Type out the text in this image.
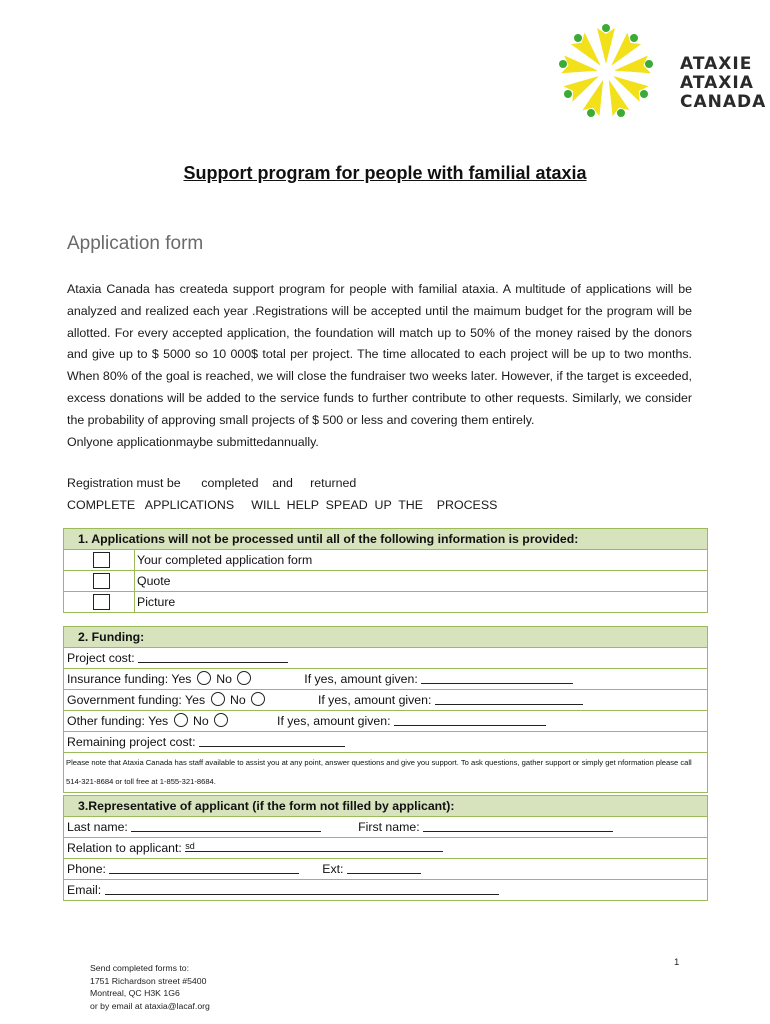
ATAXIE
ATAXIA
CANADA
Support program for people with familial ataxia
Application form

Ataxia Canada has createda support program for people with familial ataxia. A multitude of applications will be analyzed and realized each year .Registrations will be accepted until the maimum budget for the program will be allotted. For every accepted application, the foundation will match up to 50% of the money raised by the donors and give up to $ 5000 so 10 000$ total per project. The time allocated to each project will be up to two months. When 80% of the goal is reached, we will close the fundraiser two weeks later. However, if the target is exceeded, excess donations will be added to the service funds to further contribute to other requests. Similarly, we consider the probability of approving small projects of $ 500 or less and covering them entirely.

Onlyone applicationmaybe submittedannually.

Registration must be      completed    and     returned
COMPLETE   APPLICATIONS     WILL  HELP  SPEAD  UP  THE    PROCESS
1. Applications will not be processed until all of the following information is provided:
Your completed application form
Quote
Picture
2. Funding:
Project cost:
Insurance funding: Yes No	If yes, amount given:
Government funding: Yes No	If yes, amount given:
Other funding: Yes No	If yes, amount given:
Remaining project cost:
Please note that Ataxia Canada has staff available to assist you at any point, answer questions and give you support. To ask questions, gather support or simply get nformation please call 514-321-8684 or toll free at 1-855-321-8684.
3.Representative of applicant (if the form not filled by applicant):
Last name:	First name:
Relation to applicant: $^{sd}$
Phone:	Ext:
Email:
Send completed forms to:
1751 Richardson street #5400
Montreal, QC H3K 1G6
or by email at ataxia@lacaf.org
1
